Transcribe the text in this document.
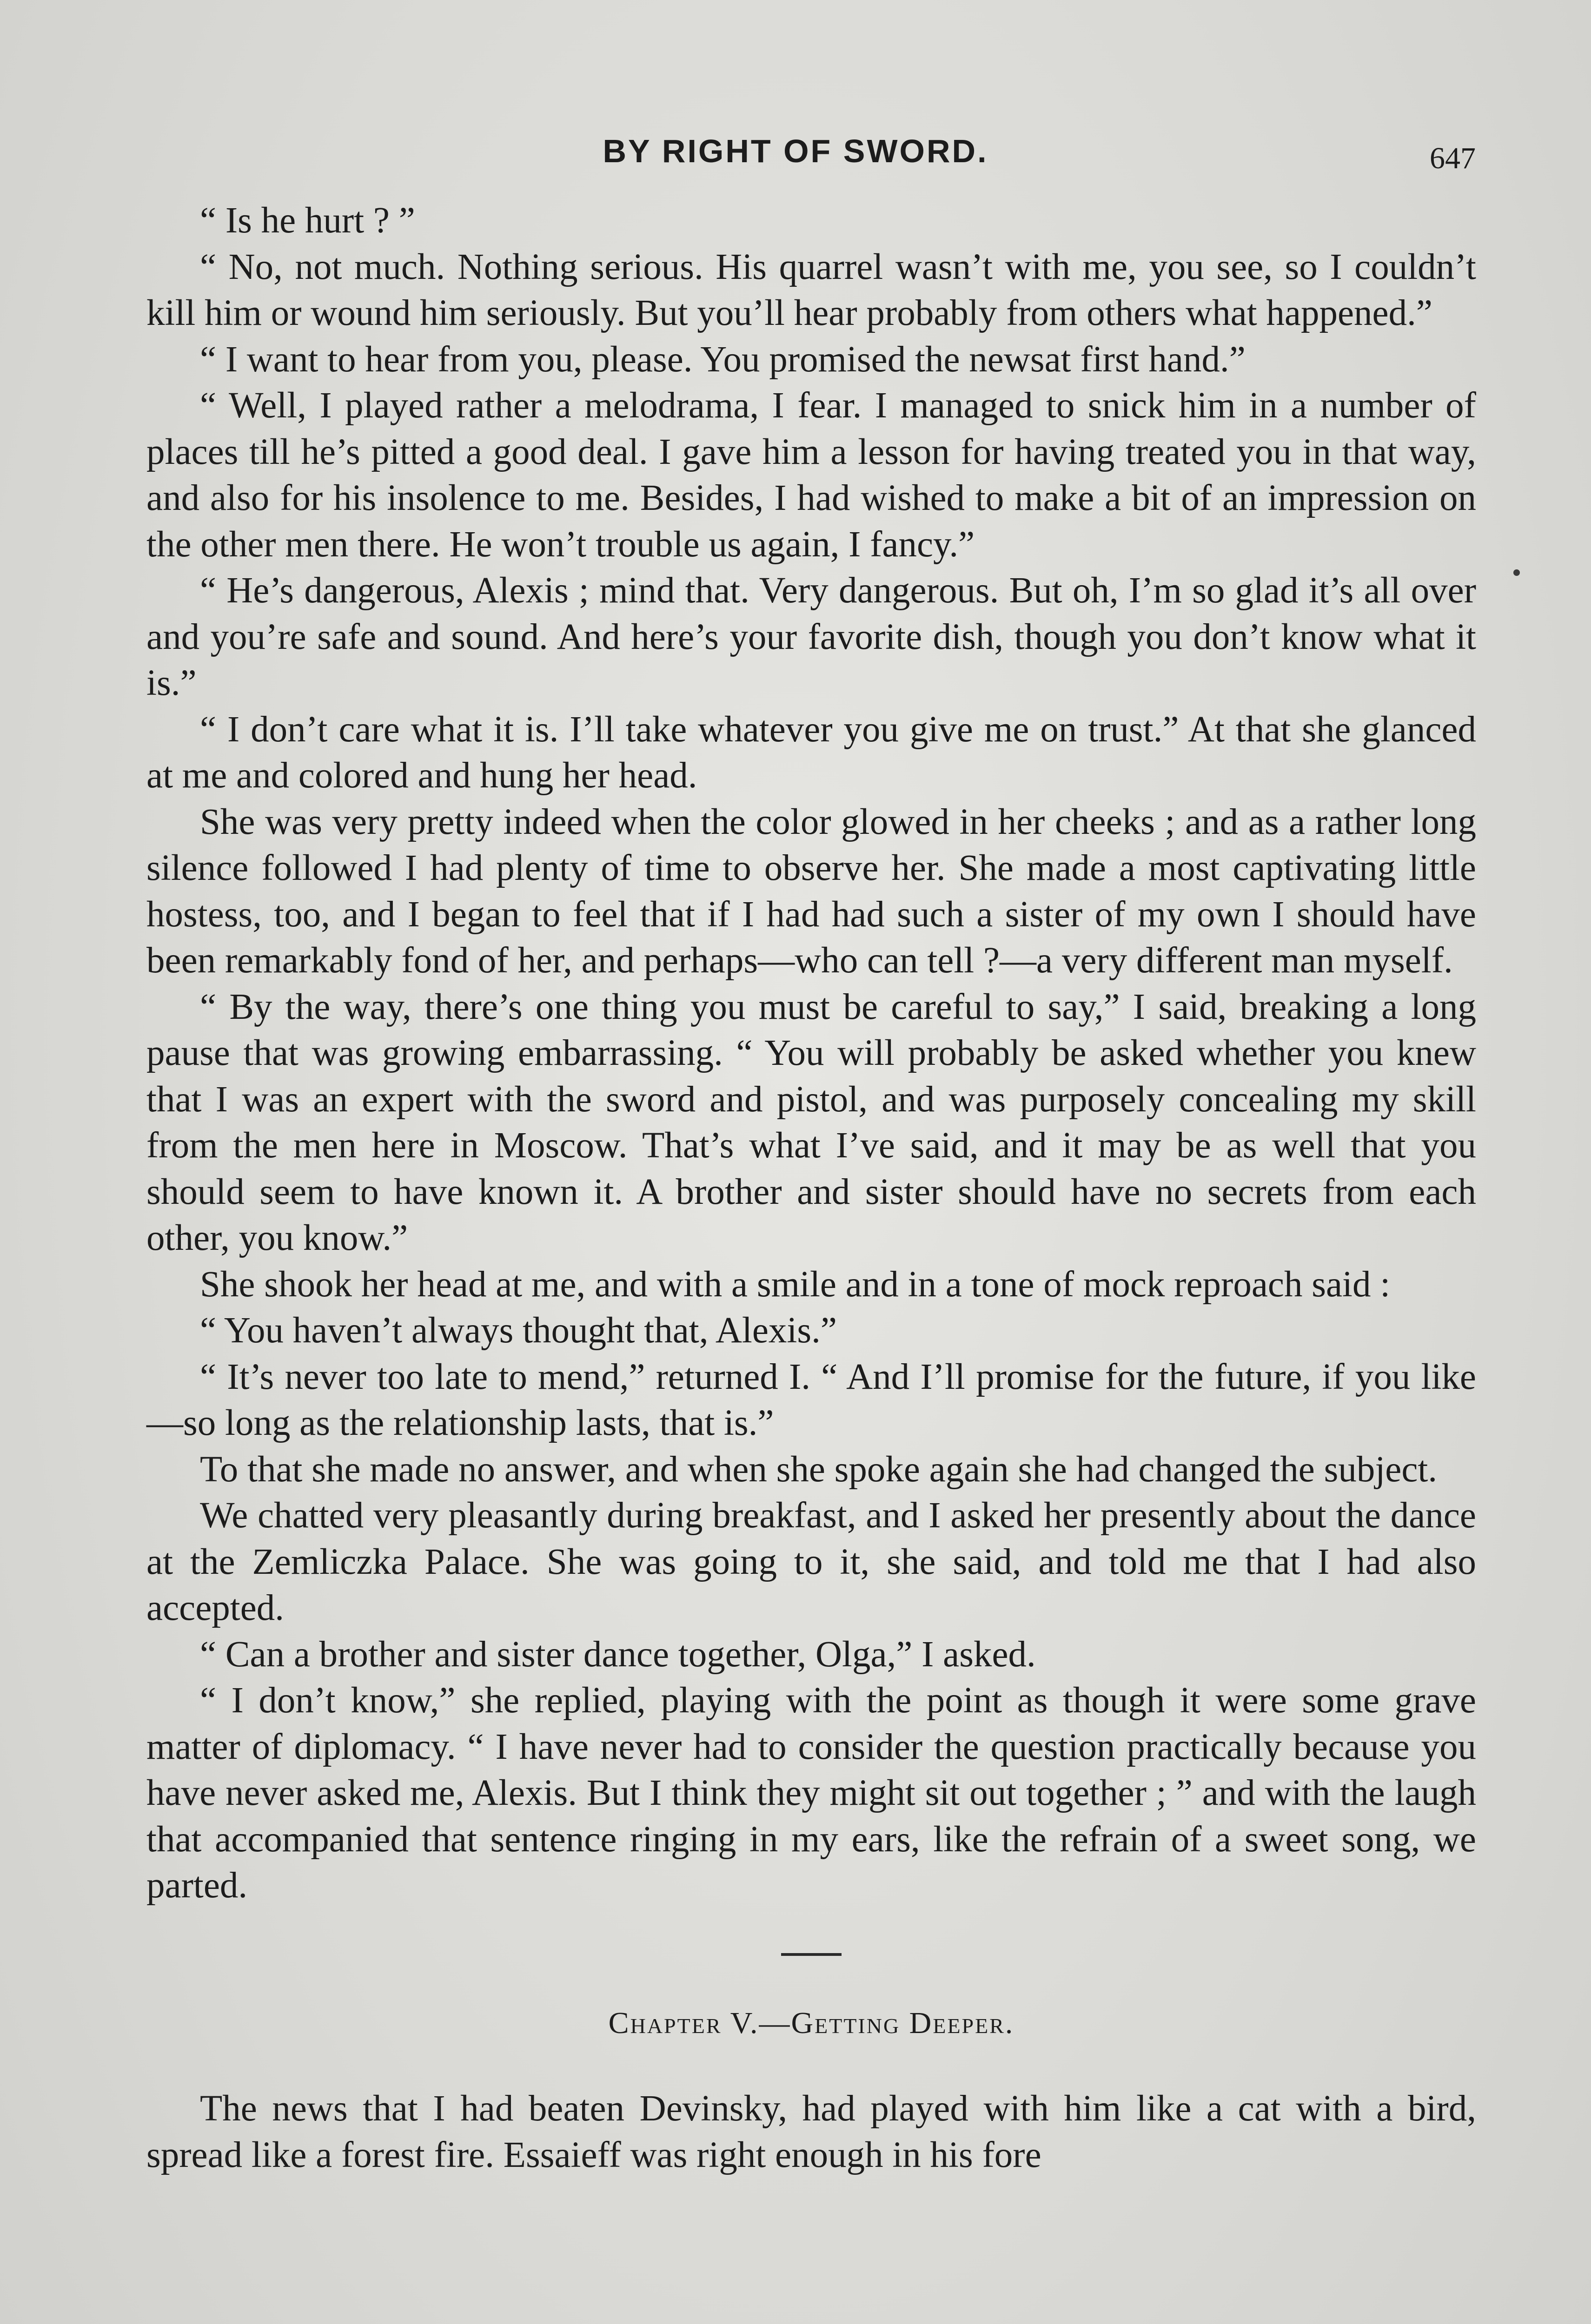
BY RIGHT OF SWORD.	647

“ Is he hurt ? ”

“ No, not much. Nothing serious. His quarrel wasn’t with me, you see, so I couldn’t kill him or wound him seriously. But you’ll hear probably from others what happened.”

“ I want to hear from you, please. You promised the newsat first hand.”

“ Well, I played rather a melodrama, I fear. I managed to snick him in a number of places till he’s pitted a good deal. I gave him a lesson for having treated you in that way, and also for his insolence to me. Besides, I had wished to make a bit of an impression on the other men there. He won’t trouble us again, I fancy.”

“ He’s dangerous, Alexis ; mind that. Very dangerous. But oh, I’m so glad it’s all over and you’re safe and sound. And here’s your favorite dish, though you don’t know what it is.”

“ I don’t care what it is. I’ll take whatever you give me on trust.” At that she glanced at me and colored and hung her head.

She was very pretty indeed when the color glowed in her cheeks ; and as a rather long silence followed I had plenty of time to observe her. She made a most captivating little hostess, too, and I began to feel that if I had had such a sister of my own I should have been remarkably fond of her, and perhaps—who can tell ?—a very different man myself.

“ By the way, there’s one thing you must be careful to say,” I said, breaking a long pause that was growing embarrassing. “ You will probably be asked whether you knew that I was an expert with the sword and pistol, and was purposely concealing my skill from the men here in Moscow. That’s what I’ve said, and it may be as well that you should seem to have known it. A brother and sister should have no secrets from each other, you know.”

She shook her head at me, and with a smile and in a tone of mock reproach said :

“ You haven’t always thought that, Alexis.”

“ It’s never too late to mend,” returned I. “ And I’ll promise for the future, if you like—so long as the relationship lasts, that is.”

To that she made no answer, and when she spoke again she had changed the subject.

We chatted very pleasantly during breakfast, and I asked her presently about the dance at the Zemliczka Palace. She was going to it, she said, and told me that I had also accepted.

“ Can a brother and sister dance together, Olga,” I asked.

“ I don’t know,” she replied, playing with the point as though it were some grave matter of diplomacy. “ I have never had to consider the question practically because you have never asked me, Alexis. But I think they might sit out together ; ” and with the laugh that accompanied that sentence ringing in my ears, like the refrain of a sweet song, we parted.

Chapter V.—Getting Deeper.

The news that I had beaten Devinsky, had played with him like a cat with a bird, spread like a forest fire. Essaieff was right enough in his fore
